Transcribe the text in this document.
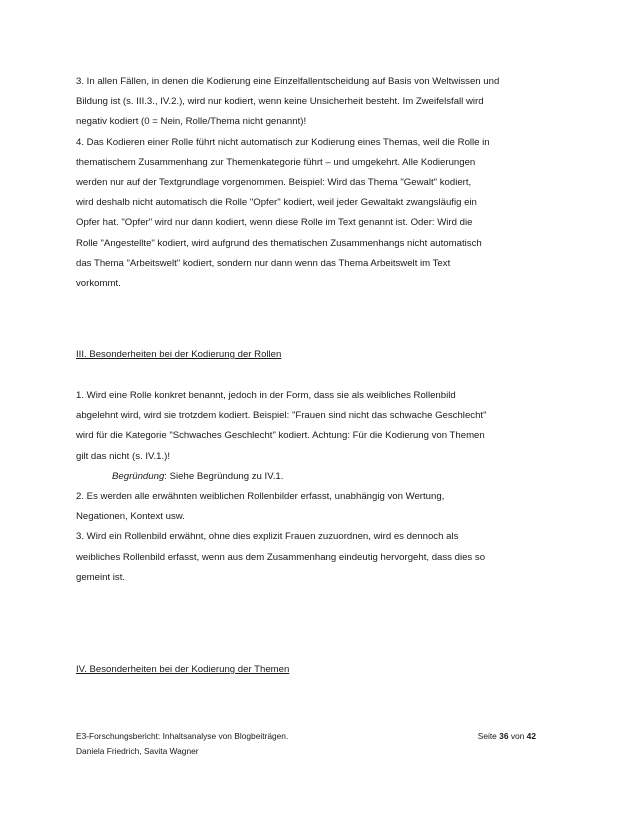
3. In allen Fällen, in denen die Kodierung eine Einzelfallentscheidung auf Basis von Weltwissen und
Bildung ist (s. III.3., IV.2.), wird nur kodiert, wenn keine Unsicherheit besteht. Im Zweifelsfall wird
negativ kodiert (0 = Nein, Rolle/Thema nicht genannt)!
4. Das Kodieren einer Rolle führt nicht automatisch zur Kodierung eines Themas, weil die Rolle in
thematischem Zusammenhang zur Themenkategorie führt – und umgekehrt. Alle Kodierungen
werden nur auf der Textgrundlage vorgenommen. Beispiel: Wird das Thema "Gewalt" kodiert,
wird deshalb nicht automatisch die Rolle "Opfer" kodiert, weil jeder Gewaltakt zwangsläufig ein
Opfer hat. "Opfer" wird nur dann kodiert, wenn diese Rolle im Text genannt ist. Oder: Wird die
Rolle "Angestellte" kodiert, wird aufgrund des thematischen Zusammenhangs nicht automatisch
das Thema "Arbeitswelt" kodiert, sondern nur dann wenn das Thema Arbeitswelt im Text
vorkommt.
III. Besonderheiten bei der Kodierung der Rollen
1. Wird eine Rolle konkret benannt, jedoch in der Form, dass sie als weibliches Rollenbild
abgelehnt wird, wird sie trotzdem kodiert. Beispiel: "Frauen sind nicht das schwache Geschlecht"
wird für die Kategorie "Schwaches Geschlecht" kodiert. Achtung: Für die Kodierung von Themen
gilt das nicht (s. IV.1.)!
Begründung: Siehe Begründung zu IV.1.
2. Es werden alle erwähnten weiblichen Rollenbilder erfasst, unabhängig von Wertung,
Negationen, Kontext usw.
3. Wird ein Rollenbild erwähnt, ohne dies explizit Frauen zuzuordnen, wird es dennoch als
weibliches Rollenbild erfasst, wenn aus dem Zusammenhang eindeutig hervorgeht, dass dies so
gemeint ist.
IV. Besonderheiten bei der Kodierung der Themen
E3-Forschungsbericht: Inhaltsanalyse von Blogbeiträgen.	Seite 36 von 42
Daniela Friedrich, Savita Wagner
